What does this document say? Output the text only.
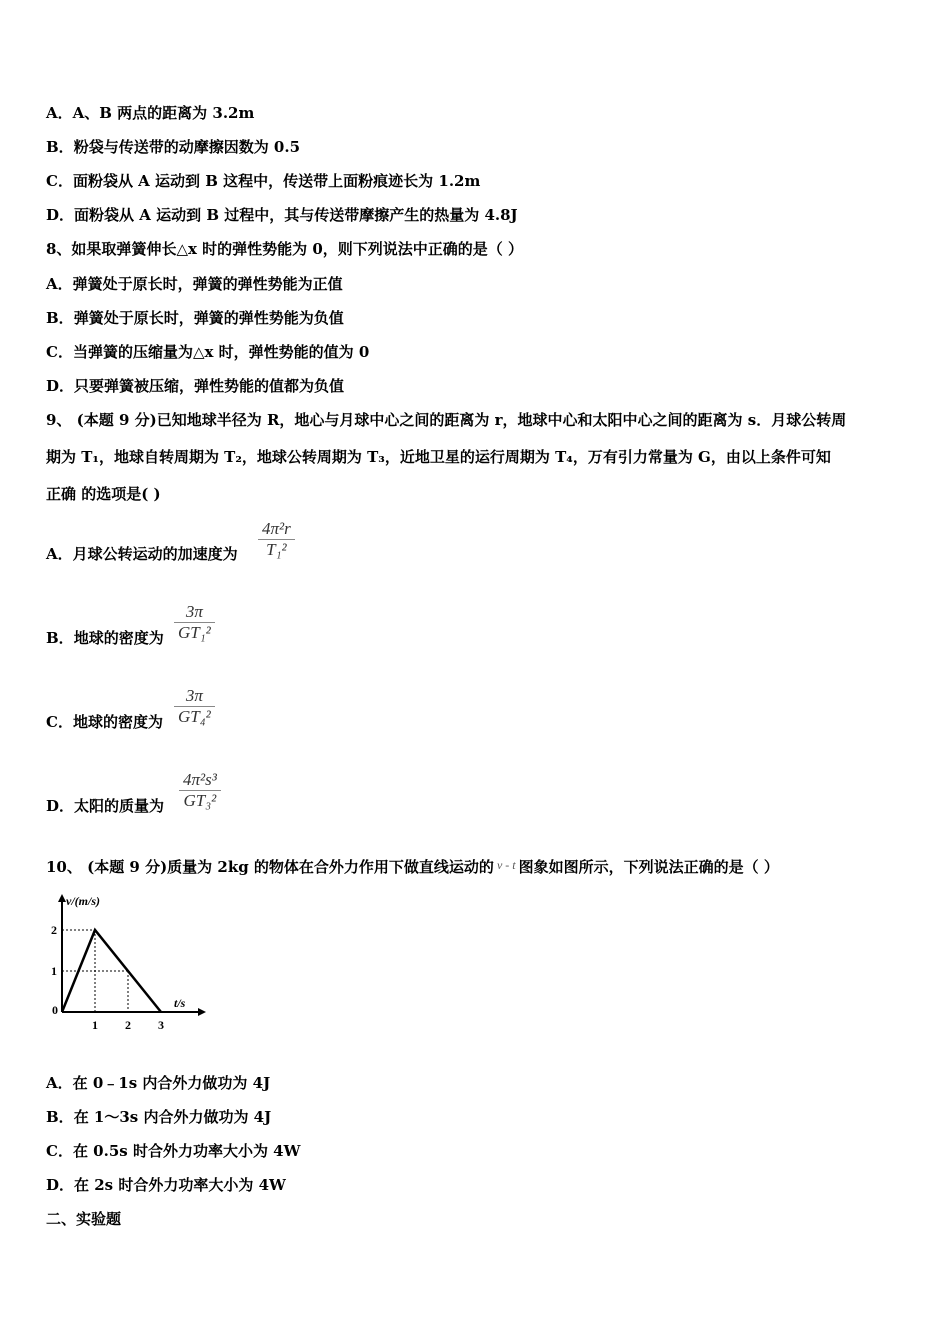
A．A、B 两点的距离为 3.2m
B．粉袋与传送带的动摩擦因数为 0.5
C．面粉袋从 A 运动到 B 这程中，传送带上面粉痕迹长为 1.2m
D．面粉袋从 A 运动到 B 过程中，其与传送带摩擦产生的热量为 4.8J
8、如果取弹簧伸长△x 时的弹性势能为 0，则下列说法中正确的是（ ）
A．弹簧处于原长时，弹簧的弹性势能为正值
B．弹簧处于原长时，弹簧的弹性势能为负值
C．当弹簧的压缩量为△x 时，弹性势能的值为 0
D．只要弹簧被压缩，弹性势能的值都为负值
9、 (本题 9 分)已知地球半径为 R，地心与月球中心之间的距离为 r，地球中心和太阳中心之间的距离为 s．月球公转周
期为 T₁，地球自转周期为 T₂，地球公转周期为 T₃，近地卫星的运行周期为 T₄，万有引力常量为 G，由以上条件可知
正确 的选项是( )
A．月球公转运动的加速度为
4π²r
T₁²
B．地球的密度为
3π
GT₁²
C．地球的密度为
3π
GT₄²
D．太阳的质量为
4π²s³
GT₃²
10、 (本题 9 分)质量为 2kg 的物体在合外力作用下做直线运动的 $^{v - t}$ 图象如图所示，下列说法正确的是（ ）
0
1 2 3
1
2
v/(m/s)
t/s
A．在 0﹣1s 内合外力做功为 4J
B．在 1～3s 内合外力做功为 4J
C．在 0.5s 时合外力功率大小为 4W
D．在 2s 时合外力功率大小为 4W
二、实验题
